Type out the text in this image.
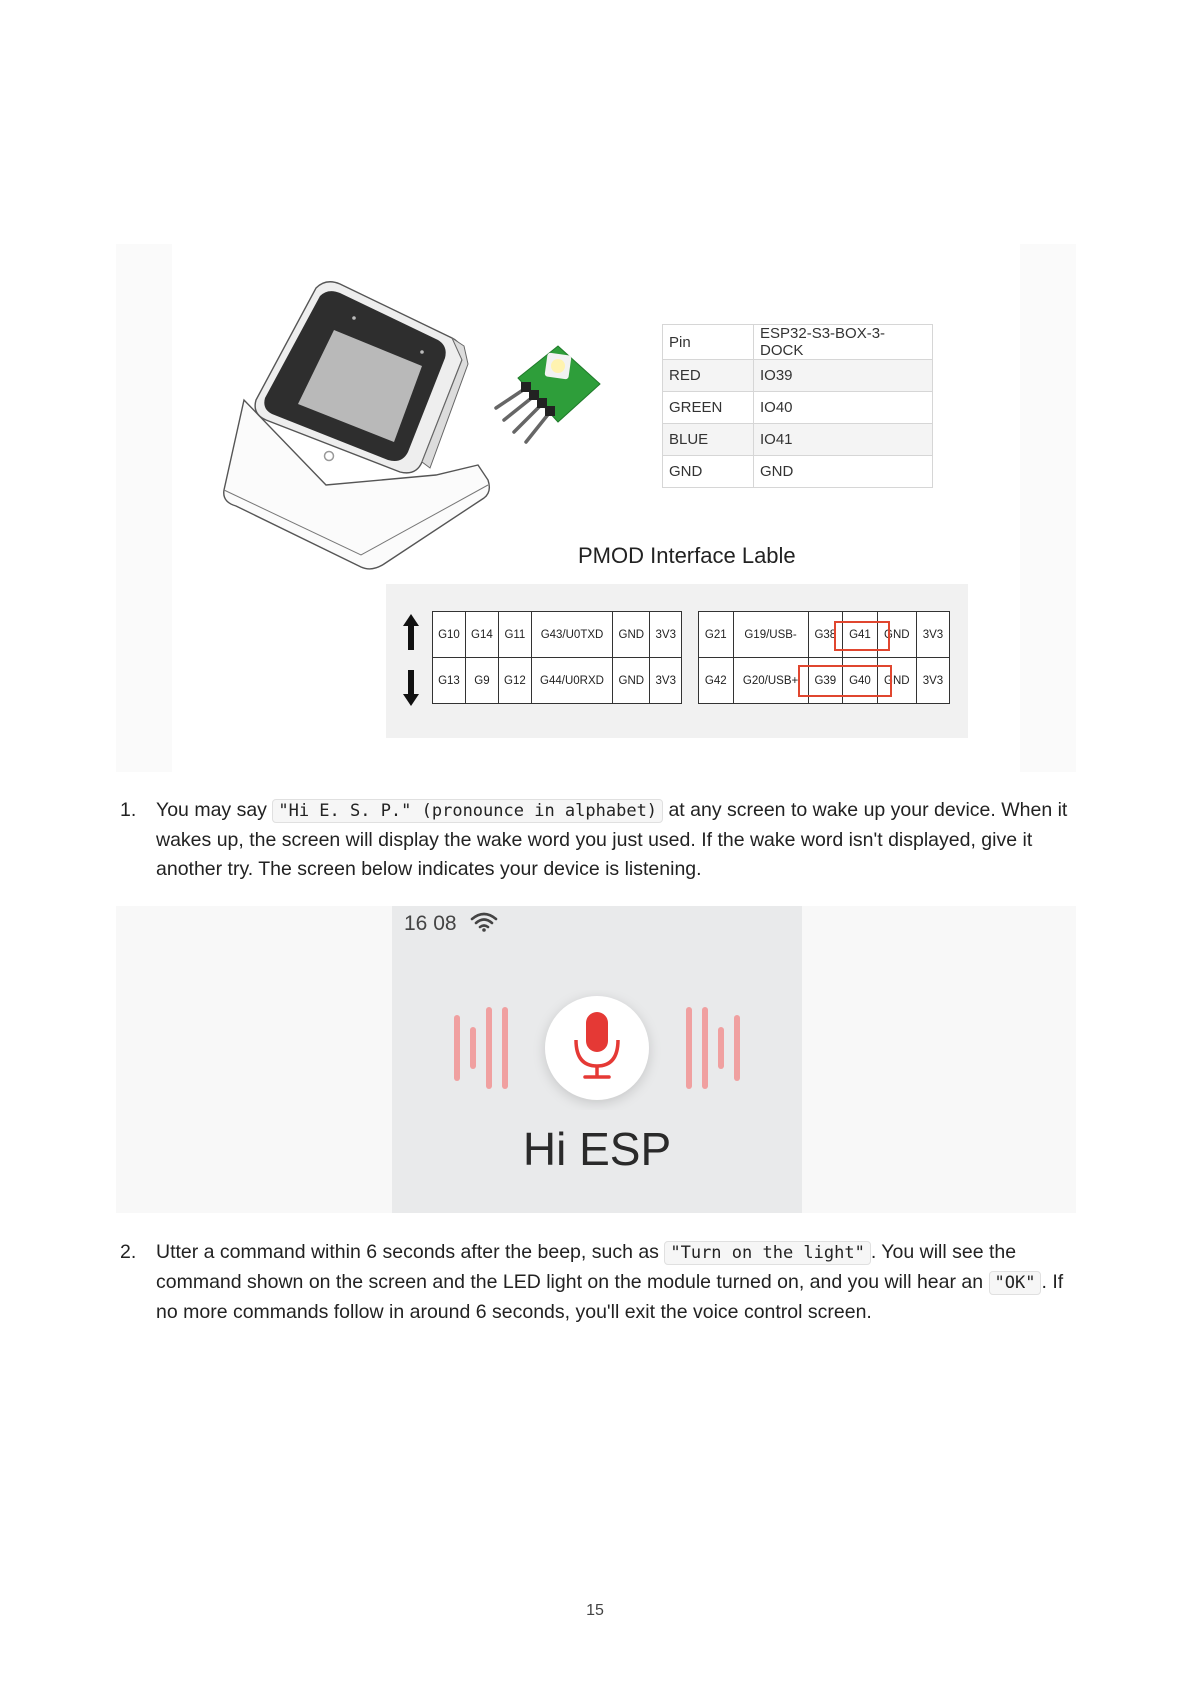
Pin	ESP32-S3-BOX-3-DOCK
RED	IO39
GREEN	IO40
BLUE	IO41
GND	GND
PMOD Interface Lable
G10	G14	G11	G43/U0TXD	GND	3V3
G13	G9	G12	G44/U0RXD	GND	3V3
G21	G19/USB-	G38	G41	GND	3V3
G42	G20/USB+	G39	G40	GND	3V3
1. You may say "Hi E. S. P." (pronounce in alphabet) at any screen to wake up your device. When it wakes up, the screen will display the wake word you just used. If the wake word isn't displayed, give it another try. The screen below indicates your device is listening.
16 08
Hi ESP
2. Utter a command within 6 seconds after the beep, such as "Turn on the light" . You will see the command shown on the screen and the LED light on the module turned on, and you will hear an "OK" . If no more commands follow in around 6 seconds, you'll exit the voice control screen.
15
